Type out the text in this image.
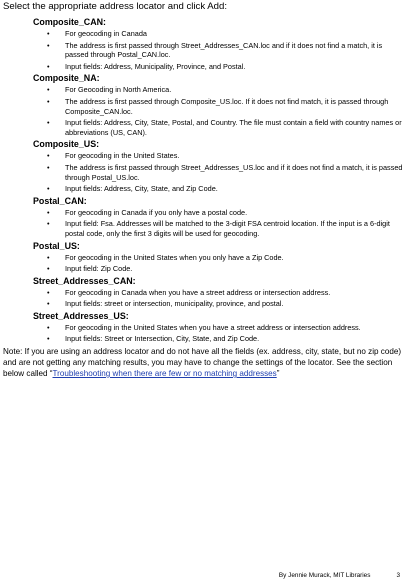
Select the appropriate address locator and click Add:
Composite_CAN:
• For geocoding in Canada
• The address is first passed through Street_Addresses_CAN.loc and if it does not find a match, it is passed through Postal_CAN.loc.
• Input fields: Address, Municipality, Province, and Postal.
Composite_NA:
• For Geocoding in North America.
• The address is first passed through Composite_US.loc. If it does not find match, it is passed through Composite_CAN.loc.
• Input fields: Address, City, State, Postal, and Country. The file must contain a field with country names or abbreviations (US, CAN).
Composite_US:
• For geocoding in the United States.
• The address is first passed through Street_Addresses_US.loc and if it does not find a match, it is passed through Postal_US.loc.
• Input fields: Address, City, State, and Zip Code.
Postal_CAN:
• For geocoding in Canada if you only have a postal code.
• Input field: Fsa. Addresses will be matched to the 3-digit FSA centroid location. If the input is a 6-digit postal code, only the first 3 digits will be used for geocoding.
Postal_US:
• For geocoding in the United States when you only have a Zip Code.
• Input field: Zip Code.
Street_Addresses_CAN:
• For geocoding in Canada when you have a street address or intersection address.
• Input fields: street or intersection, municipality, province, and postal.
Street_Addresses_US:
• For geocoding in the United States when you have a street address or intersection address.
• Input fields: Street or Intersection, City, State, and Zip Code.
Note: If you are using an address locator and do not have all the fields (ex. address, city, state, but no zip code) and are not getting any matching results, you may have to change the settings of the locator. See the section below called “Troubleshooting when there are few or no matching addresses”
By Jennie Murack, MIT Libraries	3
